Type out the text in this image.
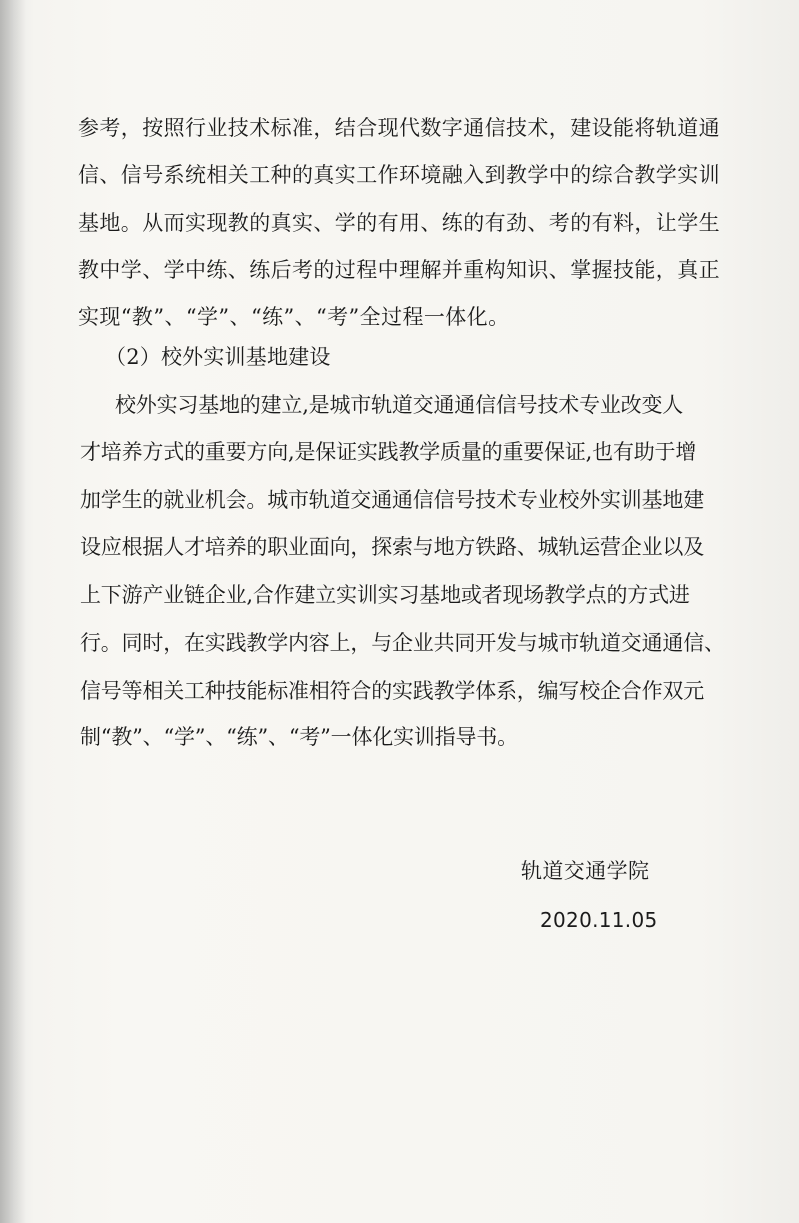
参考，按照行业技术标准，结合现代数字通信技术，建设能将轨道通
信、信号系统相关工种的真实工作环境融入到教学中的综合教学实训
基地。从而实现教的真实、学的有用、练的有劲、考的有料，让学生
教中学、学中练、练后考的过程中理解并重构知识、掌握技能，真正
实现“教”、“学”、“练”、“考”全过程一体化。
（2）校外实训基地建设
校外实习基地的建立,是城市轨道交通通信信号技术专业改变人
才培养方式的重要方向,是保证实践教学质量的重要保证,也有助于增
加学生的就业机会。城市轨道交通通信信号技术专业校外实训基地建
设应根据人才培养的职业面向，探索与地方铁路、城轨运营企业以及
上下游产业链企业,合作建立实训实习基地或者现场教学点的方式进
行。同时，在实践教学内容上，与企业共同开发与城市轨道交通通信、
信号等相关工种技能标准相符合的实践教学体系，编写校企合作双元
制“教”、“学”、“练”、“考”一体化实训指导书。
轨道交通学院
2020.11.05
